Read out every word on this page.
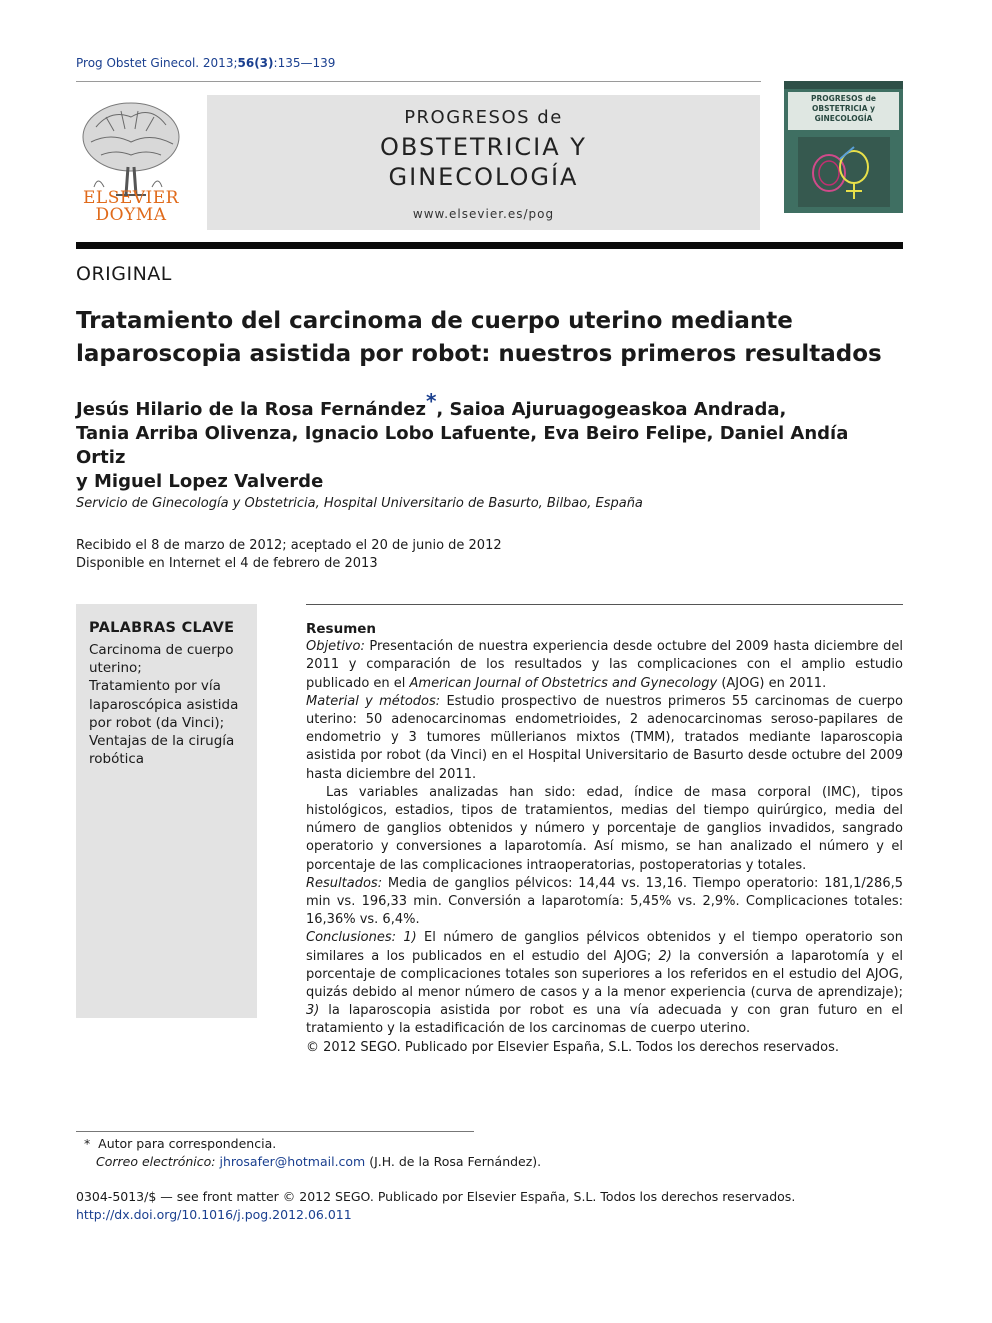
Prog Obstet Ginecol. 2013;56(3):135—139
ELSEVIER
DOYMA
PROGRESOS de
OBSTETRICIA Y
GINECOLOGÍA
www.elsevier.es/pog
PROGRESOS de
OBSTETRICIA y
GINECOLOGÍA
ORIGINAL
Tratamiento del carcinoma de cuerpo uterino mediante laparoscopia asistida por robot: nuestros primeros resultados
Jesús Hilario de la Rosa Fernández*, Saioa Ajuruagogeaskoa Andrada,
Tania Arriba Olivenza, Ignacio Lobo Lafuente, Eva Beiro Felipe, Daniel Andía Ortiz
y Miguel Lopez Valverde
Servicio de Ginecología y Obstetricia, Hospital Universitario de Basurto, Bilbao, España
Recibido el 8 de marzo de 2012; aceptado el 20 de junio de 2012
Disponible en Internet el 4 de febrero de 2013
PALABRAS CLAVE
Carcinoma de cuerpo uterino;
Tratamiento por vía laparoscópica asistida por robot (da Vinci);
Ventajas de la cirugía robótica

Resumen

Objetivo: Presentación de nuestra experiencia desde octubre del 2009 hasta diciembre del 2011 y comparación de los resultados y las complicaciones con el amplio estudio publicado en el American Journal of Obstetrics and Gynecology (AJOG) en 2011.

Material y métodos: Estudio prospectivo de nuestros primeros 55 carcinomas de cuerpo uterino: 50 adenocarcinomas endometrioides, 2 adenocarcinomas seroso-papilares de endometrio y 3 tumores müllerianos mixtos (TMM), tratados mediante laparoscopia asistida por robot (da Vinci) en el Hospital Universitario de Basurto desde octubre del 2009 hasta diciembre del 2011.

Las variables analizadas han sido: edad, índice de masa corporal (IMC), tipos histológicos, estadios, tipos de tratamientos, medias del tiempo quirúrgico, media del número de ganglios obtenidos y número y porcentaje de ganglios invadidos, sangrado operatorio y conversiones a laparotomía. Así mismo, se han analizado el número y el porcentaje de las complicaciones intraoperatorias, postoperatorias y totales.

Resultados: Media de ganglios pélvicos: 14,44 vs. 13,16. Tiempo operatorio: 181,1/286,5 min vs. 196,33 min. Conversión a laparotomía: 5,45% vs. 2,9%. Complicaciones totales: 16,36% vs. 6,4%.

Conclusiones: 1) El número de ganglios pélvicos obtenidos y el tiempo operatorio son similares a los publicados en el estudio del AJOG; 2) la conversión a laparotomía y el porcentaje de complicaciones totales son superiores a los referidos en el estudio del AJOG, quizás debido al menor número de casos y a la menor experiencia (curva de aprendizaje); 3) la laparoscopia asistida por robot es una vía adecuada y con gran futuro en el tratamiento y la estadificación de los carcinomas de cuerpo uterino.

© 2012 SEGO. Publicado por Elsevier España, S.L. Todos los derechos reservados.

* Autor para correspondencia.
Correo electrónico: jhrosafer@hotmail.com (J.H. de la Rosa Fernández).
0304-5013/$ — see front matter © 2012 SEGO. Publicado por Elsevier España, S.L. Todos los derechos reservados.
http://dx.doi.org/10.1016/j.pog.2012.06.011
